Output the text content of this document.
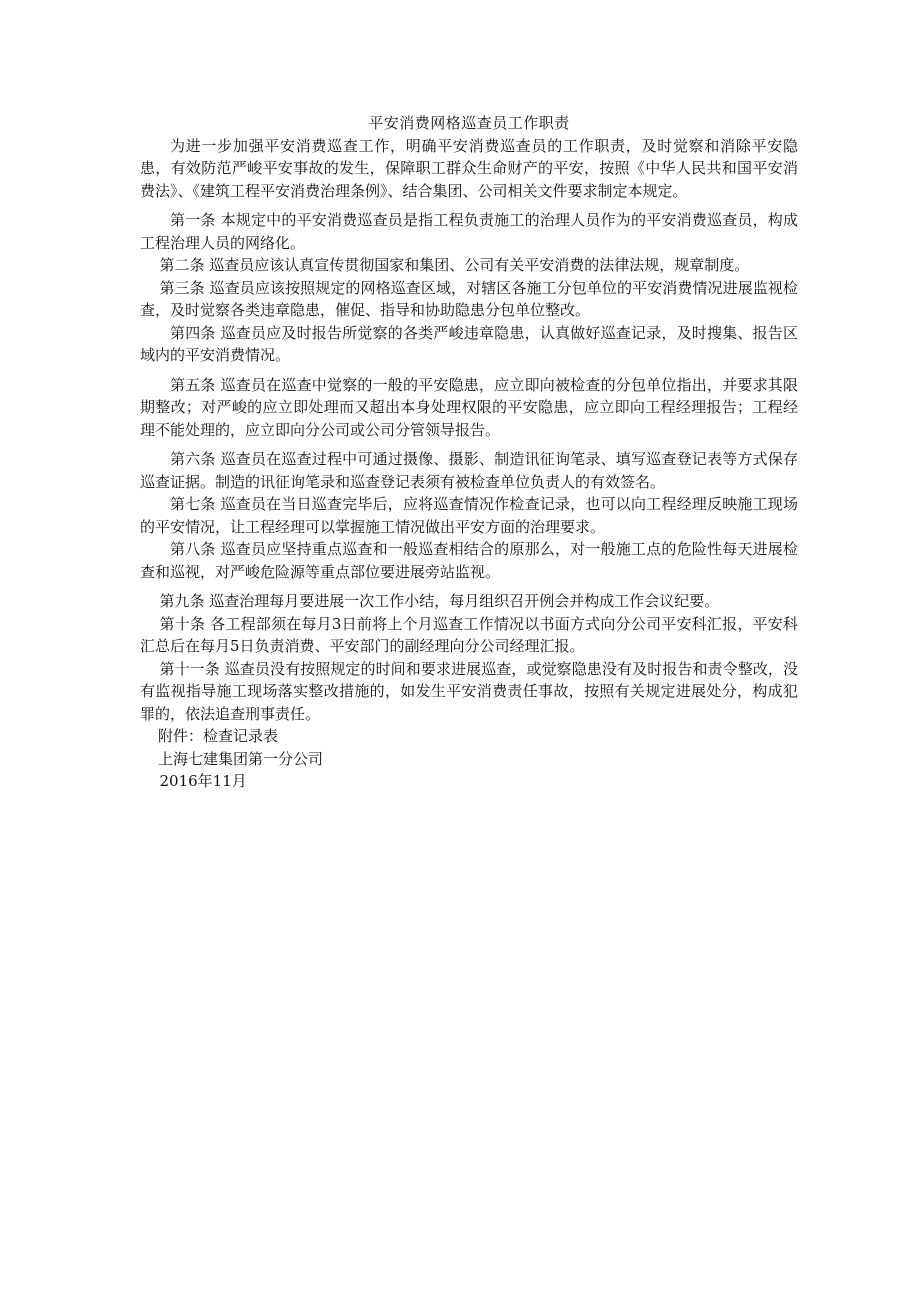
平安消费网格巡查员工作职责

为进一步加强平安消费巡查工作，明确平安消费巡查员的工作职责，及时觉察和消除平安隐患，有效防范严峻平安事故的发生，保障职工群众生命财产的平安，按照《中华人民共和国平安消费法》、《建筑工程平安消费治理条例》、结合集团、公司相关文件要求制定本规定。

第一条 本规定中的平安消费巡查员是指工程负责施工的治理人员作为的平安消费巡查员，构成工程治理人员的网络化。

第二条 巡查员应该认真宣传贯彻国家和集团、公司有关平安消费的法律法规，规章制度。

第三条 巡查员应该按照规定的网格巡查区域，对辖区各施工分包单位的平安消费情况进展监视检查，及时觉察各类违章隐患，催促、指导和协助隐患分包单位整改。

第四条 巡查员应及时报告所觉察的各类严峻违章隐患，认真做好巡查记录，及时搜集、报告区域内的平安消费情况。

第五条 巡查员在巡查中觉察的一般的平安隐患，应立即向被检查的分包单位指出，并要求其限期整改；对严峻的应立即处理而又超出本身处理权限的平安隐患，应立即向工程经理报告；工程经理不能处理的，应立即向分公司或公司分管领导报告。

第六条 巡查员在巡查过程中可通过摄像、摄影、制造讯征询笔录、填写巡查登记表等方式保存巡查证据。制造的讯征询笔录和巡查登记表须有被检查单位负责人的有效签名。

第七条 巡查员在当日巡查完毕后，应将巡查情况作检查记录，也可以向工程经理反映施工现场的平安情况，让工程经理可以掌握施工情况做出平安方面的治理要求。

第八条 巡查员应坚持重点巡查和一般巡查相结合的原那么，对一般施工点的危险性每天进展检查和巡视，对严峻危险源等重点部位要进展旁站监视。

第九条 巡查治理每月要进展一次工作小结，每月组织召开例会并构成工作会议纪要。

第十条 各工程部须在每月3日前将上个月巡查工作情况以书面方式向分公司平安科汇报，平安科汇总后在每月5日负责消费、平安部门的副经理向分公司经理汇报。

第十一条 巡查员没有按照规定的时间和要求进展巡查，或觉察隐患没有及时报告和责令整改，没有监视指导施工现场落实整改措施的，如发生平安消费责任事故，按照有关规定进展处分，构成犯罪的，依法追查刑事责任。

附件：检查记录表

上海七建集团第一分公司

2016年11月
